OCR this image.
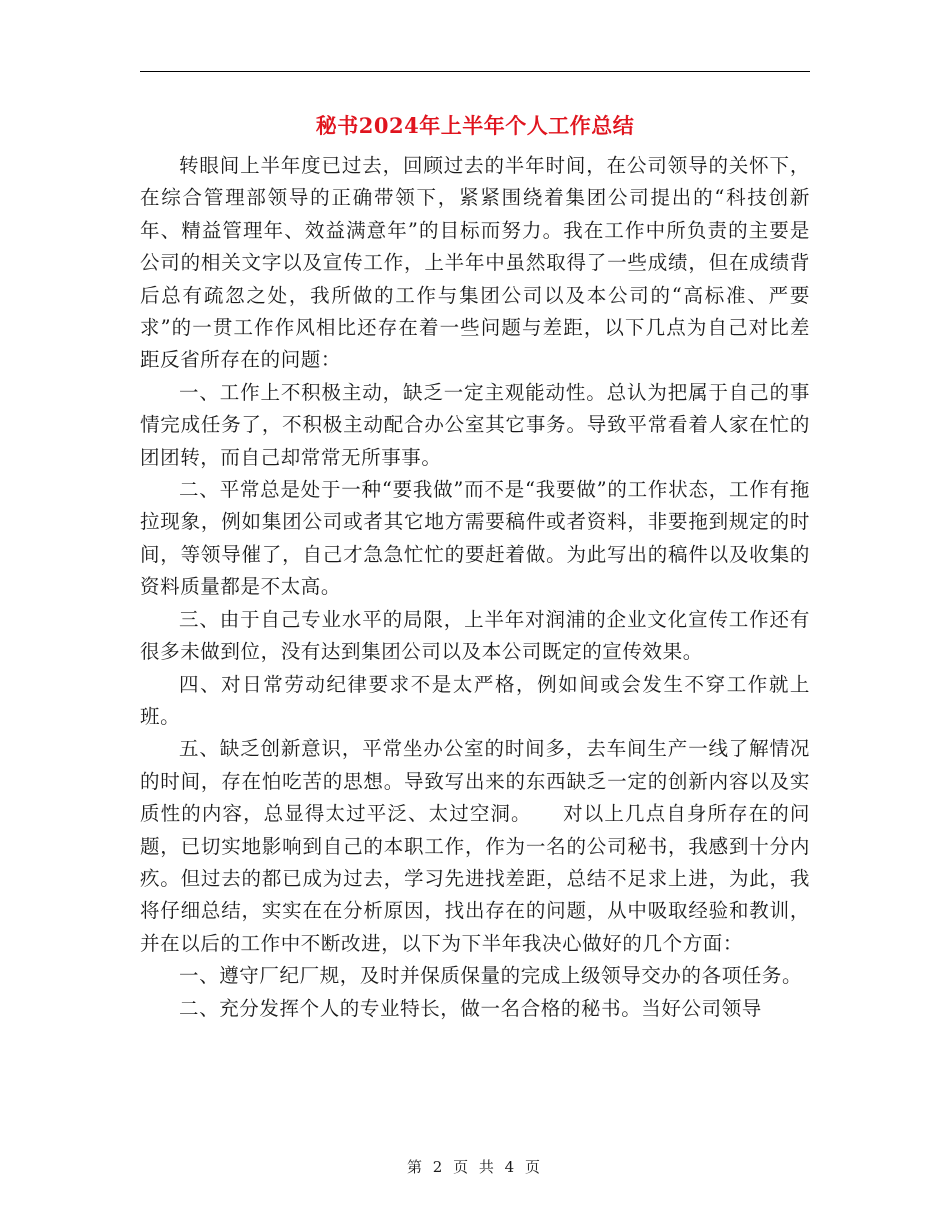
秘书2024年上半年个人工作总结

转眼间上半年度已过去，回顾过去的半年时间，在公司领导的关怀下，在综合管理部领导的正确带领下，紧紧围绕着集团公司提出的“科技创新年、精益管理年、效益满意年”的目标而努力。我在工作中所负责的主要是公司的相关文字以及宣传工作，上半年中虽然取得了一些成绩，但在成绩背后总有疏忽之处，我所做的工作与集团公司以及本公司的“高标准、严要求”的一贯工作作风相比还存在着一些问题与差距，以下几点为自己对比差距反省所存在的问题：

一、工作上不积极主动，缺乏一定主观能动性。总认为把属于自己的事情完成任务了，不积极主动配合办公室其它事务。导致平常看着人家在忙的团团转，而自己却常常无所事事。

二、平常总是处于一种“要我做”而不是“我要做”的工作状态，工作有拖拉现象，例如集团公司或者其它地方需要稿件或者资料，非要拖到规定的时间，等领导催了，自己才急急忙忙的要赶着做。为此写出的稿件以及收集的资料质量都是不太高。

三、由于自己专业水平的局限，上半年对润浦的企业文化宣传工作还有很多未做到位，没有达到集团公司以及本公司既定的宣传效果。

四、对日常劳动纪律要求不是太严格，例如间或会发生不穿工作就上班。

五、缺乏创新意识，平常坐办公室的时间多，去车间生产一线了解情况的时间，存在怕吃苦的思想。导致写出来的东西缺乏一定的创新内容以及实质性的内容，总显得太过平泛、太过空洞。　　对以上几点自身所存在的问题，已切实地影响到自己的本职工作，作为一名的公司秘书，我感到十分内疚。但过去的都已成为过去，学习先进找差距，总结不足求上进，为此，我将仔细总结，实实在在分析原因，找出存在的问题，从中吸取经验和教训，并在以后的工作中不断改进，以下为下半年我决心做好的几个方面：

一、遵守厂纪厂规，及时并保质保量的完成上级领导交办的各项任务。

二、充分发挥个人的专业特长，做一名合格的秘书。当好公司领导

第 2 页 共 4 页
